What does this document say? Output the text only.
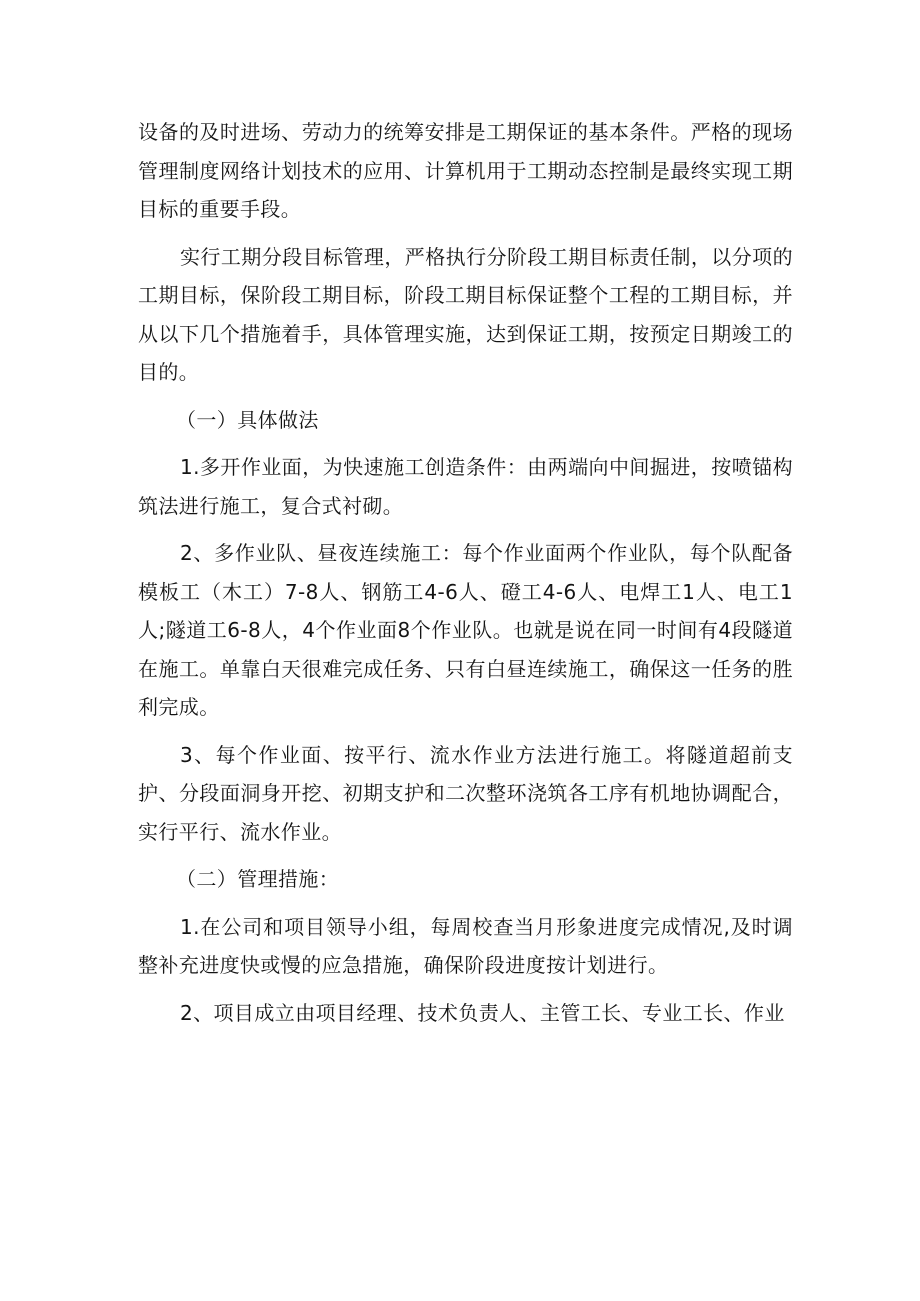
设备的及时进场、劳动力的统筹安排是工期保证的基本条件。严格的现场管理制度网络计划技术的应用、计算机用于工期动态控制是最终实现工期目标的重要手段。

实行工期分段目标管理，严格执行分阶段工期目标责任制，以分项的工期目标，保阶段工期目标，阶段工期目标保证整个工程的工期目标，并从以下几个措施着手，具体管理实施，达到保证工期，按预定日期竣工的目的。

（一）具体做法

1.多开作业面，为快速施工创造条件：由两端向中间掘进，按喷锚构筑法进行施工，复合式衬砌。

2、多作业队、昼夜连续施工：每个作业面两个作业队，每个队配备模板工（木工）7-8人、钢筋工4-6人、磴工4-6人、电焊工1人、电工1人;隧道工6-8人，4个作业面8个作业队。也就是说在同一时间有4段隧道在施工。单靠白天很难完成任务、只有白昼连续施工，确保这一任务的胜利完成。

3、每个作业面、按平行、流水作业方法进行施工。将隧道超前支护、分段面洞身开挖、初期支护和二次整环浇筑各工序有机地协调配合，实行平行、流水作业。

（二）管理措施：

1.在公司和项目领导小组，每周校查当月形象进度完成情况,及时调整补充进度快或慢的应急措施，确保阶段进度按计划进行。

2、项目成立由项目经理、技术负责人、主管工长、专业工长、作业
